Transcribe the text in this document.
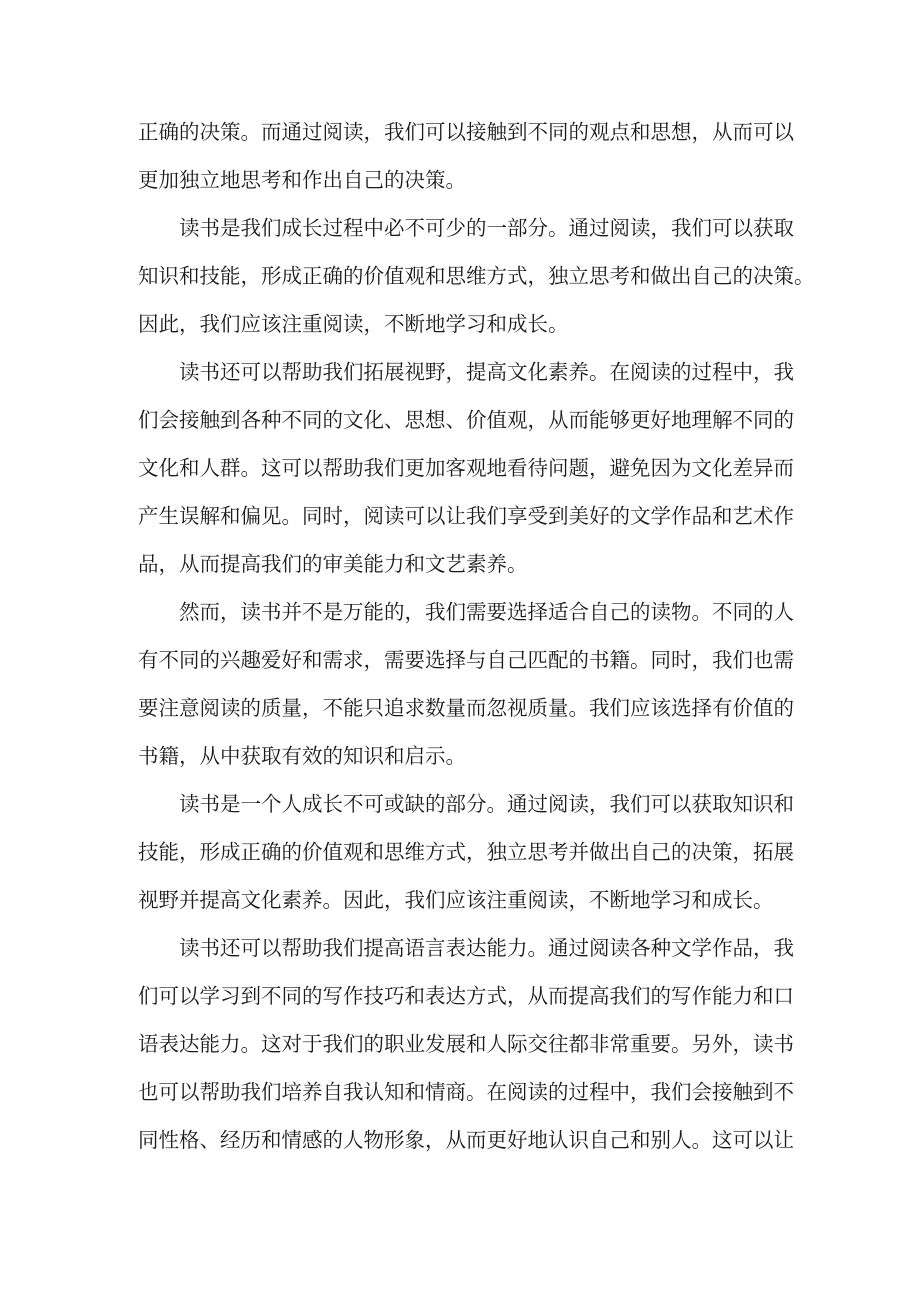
正确的决策。而通过阅读，我们可以接触到不同的观点和思想，从而可以
更加独立地思考和作出自己的决策。
读书是我们成长过程中必不可少的一部分。通过阅读，我们可以获取
知识和技能，形成正确的价值观和思维方式，独立思考和做出自己的决策。
因此，我们应该注重阅读，不断地学习和成长。
读书还可以帮助我们拓展视野，提高文化素养。在阅读的过程中，我
们会接触到各种不同的文化、思想、价值观，从而能够更好地理解不同的
文化和人群。这可以帮助我们更加客观地看待问题，避免因为文化差异而
产生误解和偏见。同时，阅读可以让我们享受到美好的文学作品和艺术作
品，从而提高我们的审美能力和文艺素养。
然而，读书并不是万能的，我们需要选择适合自己的读物。不同的人
有不同的兴趣爱好和需求，需要选择与自己匹配的书籍。同时，我们也需
要注意阅读的质量，不能只追求数量而忽视质量。我们应该选择有价值的
书籍，从中获取有效的知识和启示。
读书是一个人成长不可或缺的部分。通过阅读，我们可以获取知识和
技能，形成正确的价值观和思维方式，独立思考并做出自己的决策，拓展
视野并提高文化素养。因此，我们应该注重阅读，不断地学习和成长。
读书还可以帮助我们提高语言表达能力。通过阅读各种文学作品，我
们可以学习到不同的写作技巧和表达方式，从而提高我们的写作能力和口
语表达能力。这对于我们的职业发展和人际交往都非常重要。另外，读书
也可以帮助我们培养自我认知和情商。在阅读的过程中，我们会接触到不
同性格、经历和情感的人物形象，从而更好地认识自己和别人。这可以让
